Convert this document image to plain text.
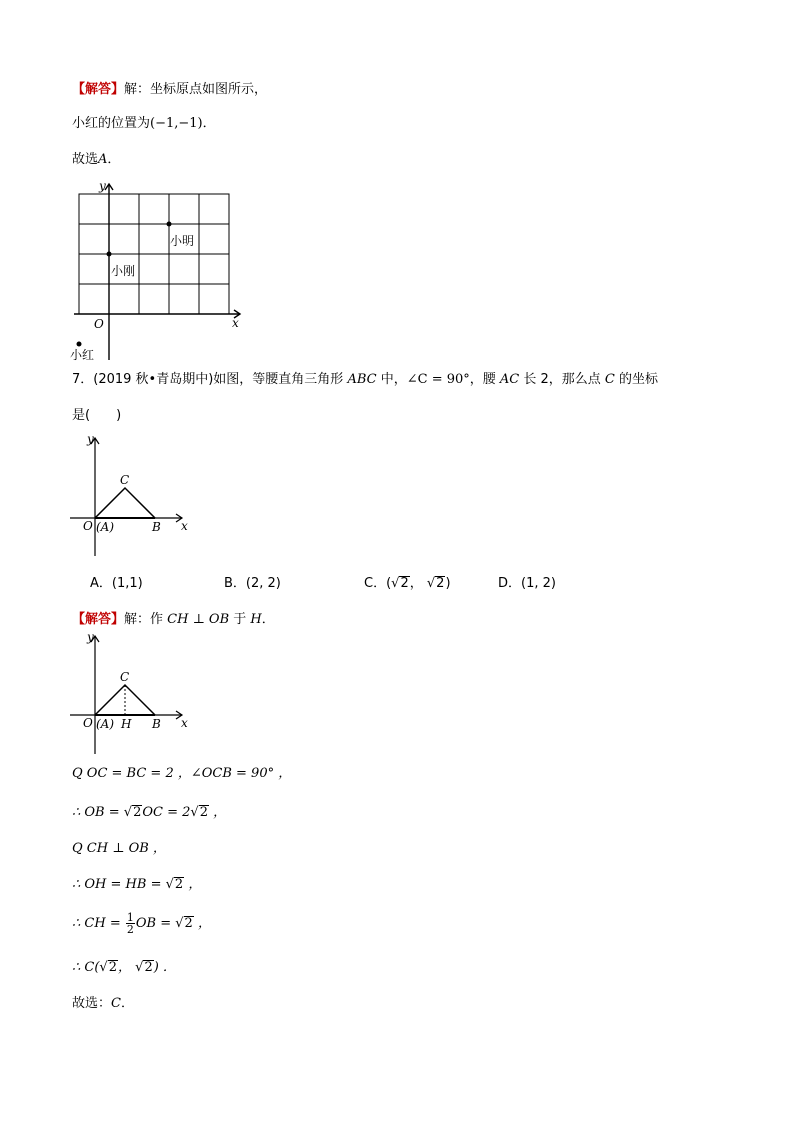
【解答】解：坐标原点如图所示，
小红的位置为(−1,−1)．
故选A．
y
x
O
小明
小刚
小红
7．(2019 秋•青岛期中)如图，等腰直角三角形 ABC 中，∠C = 90°，腰 AC 长 2，那么点 C 的坐标
是(　　)
y
x
O (A)	B
C
A．(1,1)	B．(2, 2)	C．(√2， √2)	D．(1, 2)
【解答】解：作 CH ⊥ OB 于 H．
y
x
O (A) H B
C
Q OC = BC = 2 ，∠OCB = 90° ，
∴ OB = √2OC = 2√2 ，
Q CH ⊥ OB ，
∴ OH = HB = √2 ，
∴ CH = $\frac{1}{2}$ OB = √2 ，
∴ C(√2， √2) ．
故选：C．
